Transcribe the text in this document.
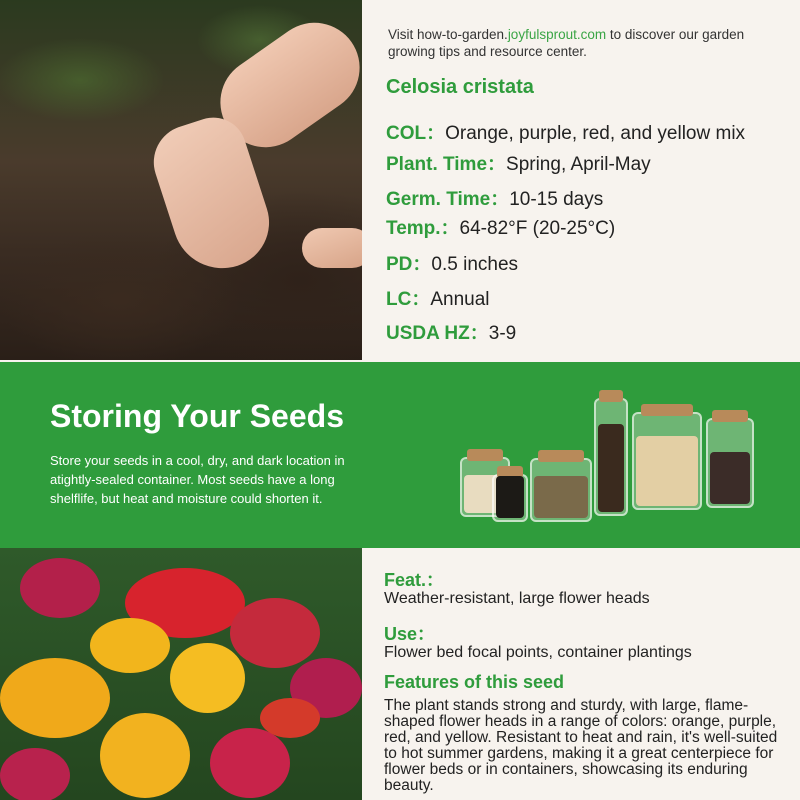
Visit how-to-garden.joyfulsprout.com to discover our garden growing tips and resource center.
Celosia cristata
COL：Orange, purple, red, and yellow mix
Plant. Time：Spring, April-May
Germ. Time：10-15 days
Temp.：64-82°F (20-25°C)
PD：0.5 inches
LC：Annual
USDA HZ：3-9
Storing Your Seeds

Store your seeds in a cool, dry, and dark location in atightly-sealed container. Most seeds have a long shelflife, but heat and moisture could shorten it.

Feat.：
Weather-resistant, large flower heads
Use：
Flower bed focal points, container plantings
Features of this seed
The plant stands strong and sturdy, with large, flame-shaped flower heads in a range of colors: orange, purple, red, and yellow. Resistant to heat and rain, it's well-suited to hot summer gardens, making it a great centerpiece for flower beds or in containers, showcasing its enduring beauty.
